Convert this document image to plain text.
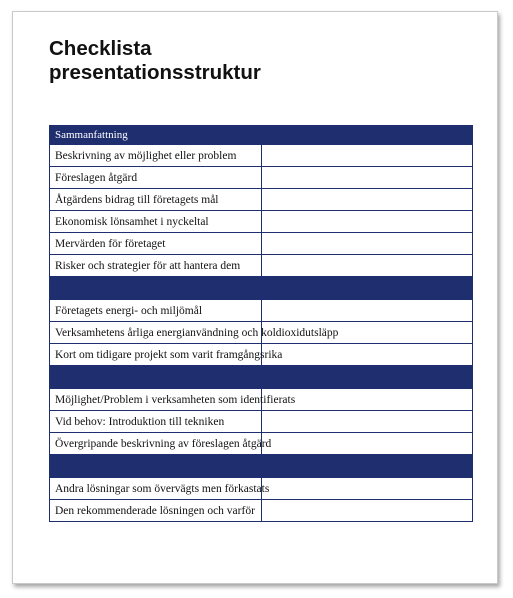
Checklista
presentationsstruktur
Sammanfattning	
Beskrivning av möjlighet eller problem	
Föreslagen åtgärd	
Åtgärdens bidrag till företagets mål	
Ekonomisk lönsamhet i nyckeltal	
Mervärden för företaget	
Risker och strategier för att hantera dem	

Företagets energi- och miljömål	
Verksamhetens årliga energianvändning och koldioxidutsläpp	
Kort om tidigare projekt som varit framgångsrika	

Möjlighet/Problem i verksamheten som identifierats	
Vid behov: Introduktion till tekniken	
Övergripande beskrivning av föreslagen åtgärd	

Andra lösningar som övervägts men förkastats	
Den rekommenderade lösningen och varför	
